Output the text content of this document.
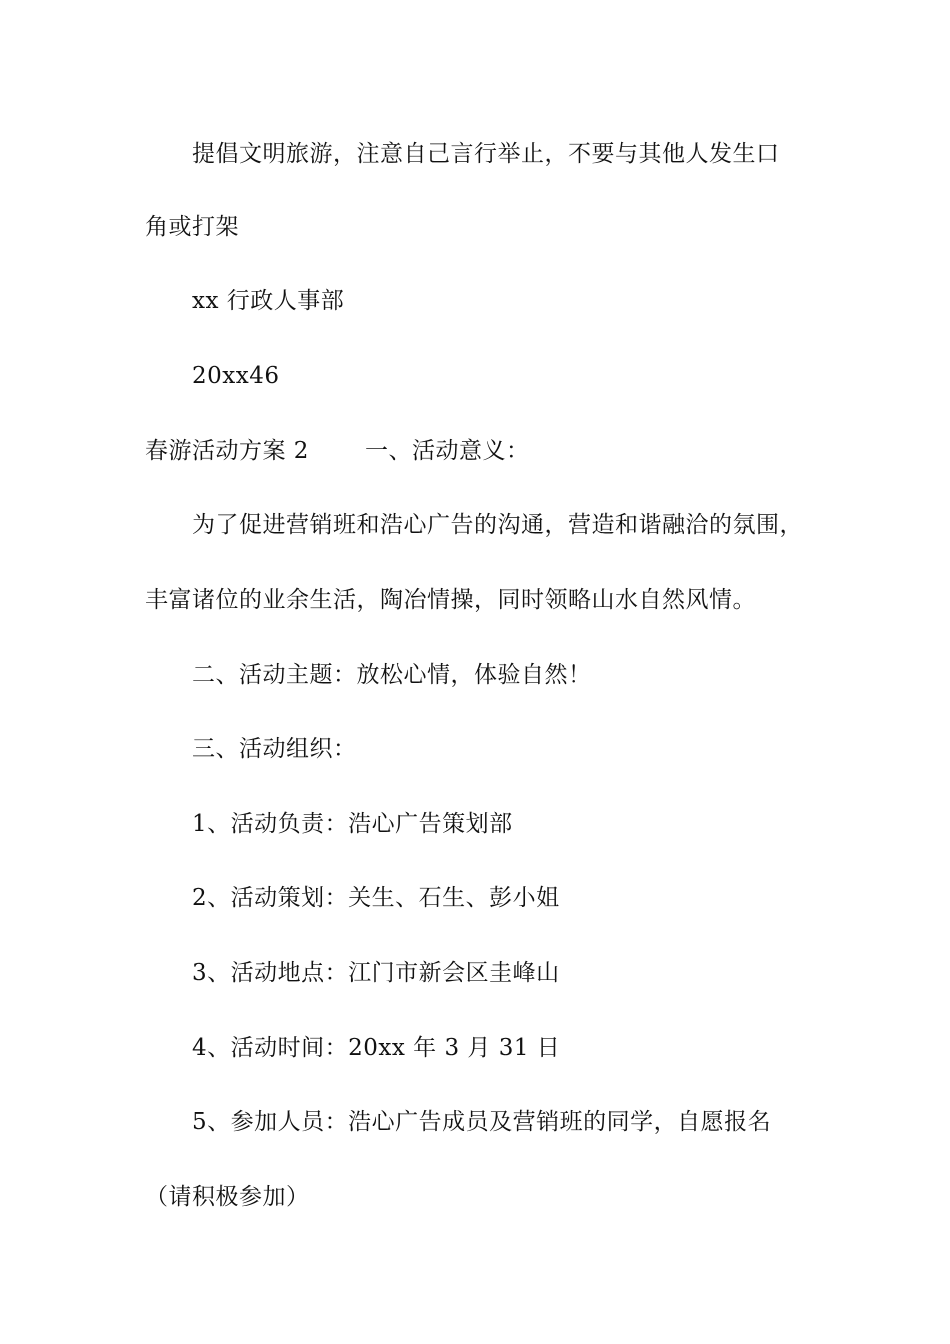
提倡文明旅游，注意自己言行举止，不要与其他人发生口
角或打架
xx 行政人事部
20xx46
春游活动方案 2 一、活动意义：
为了促进营销班和浩心广告的沟通，营造和谐融洽的氛围，
丰富诸位的业余生活，陶冶情操，同时领略山水自然风情。
二、活动主题：放松心情，体验自然！
三、活动组织：
1、活动负责：浩心广告策划部
2、活动策划：关生、石生、彭小姐
3、活动地点：江门市新会区圭峰山
4、活动时间：20xx 年 3 月 31 日
5、参加人员：浩心广告成员及营销班的同学，自愿报名
（请积极参加）
